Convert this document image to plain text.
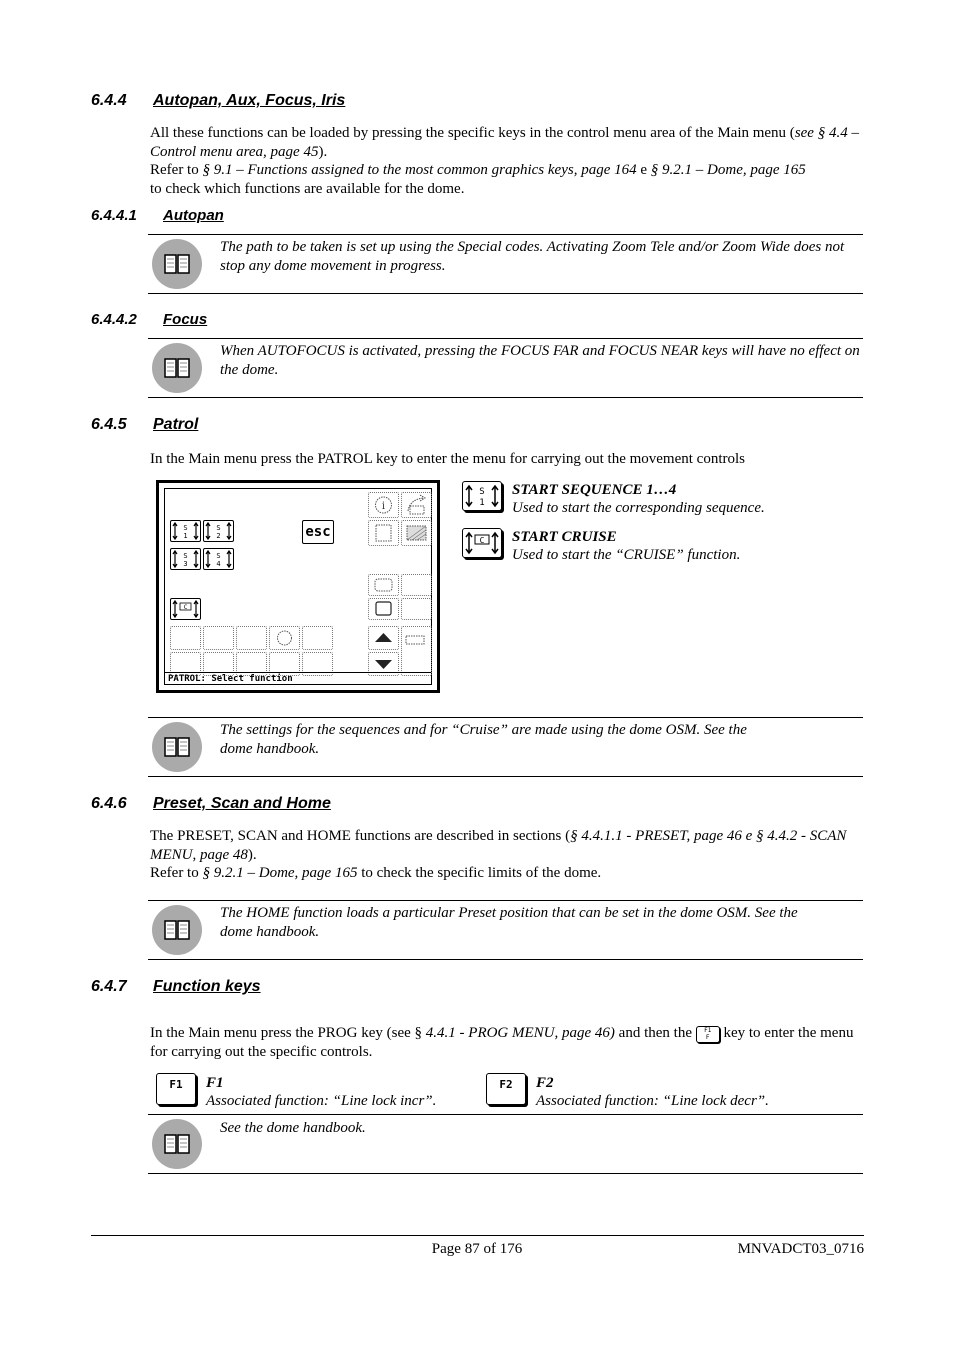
6.4.4 Autopan, Aux, Focus, Iris
All these functions can be loaded by pressing the specific keys in the control menu area of the Main menu (see § 4.4 – Control menu area, page 45).
Refer to § 9.1 – Functions assigned to the most common graphics keys, page 164 e § 9.2.1 – Dome, page 165
to check which functions are available for the dome.
6.4.4.1 Autopan
The path to be taken is set up using the Special codes. Activating Zoom Tele and/or Zoom Wide does not stop any dome movement in progress.
6.4.4.2 Focus
When AUTOFOCUS is activated, pressing the FOCUS FAR and FOCUS NEAR keys will have no effect on the dome.
6.4.5 Patrol
In the Main menu press the PATROL key to enter the menu for carrying out the movement controls
S
1
S
2
S
3
S
4
esc
C
i
PATROL: Select function
S
1
START SEQUENCE 1…4
Used to start the corresponding sequence.
C START CRUISE
Used to start the “CRUISE” function.
The settings for the sequences and for “Cruise” are made using the dome OSM. See the dome handbook.
6.4.6 Preset, Scan and Home
The PRESET, SCAN and HOME functions are described in sections (§ 4.4.1.1 - PRESET, page 46 e § 4.4.2 - SCAN MENU, page 48).
Refer to § 9.2.1 – Dome, page 165 to check the specific limits of the dome.
The HOME function loads a particular Preset position that can be set in the dome OSM. See the dome handbook.
6.4.7 Function keys
In the Main menu press the PROG key (see § 4.4.1 - PROG MENU, page 46) and then the F1
F key to enter the menu for carrying out the specific controls.
F1	F1
Associated function: “Line lock incr”.
F2	F2
Associated function: “Line lock decr”.
See the dome handbook.
Page 87 of 176	MNVADCT03_0716
